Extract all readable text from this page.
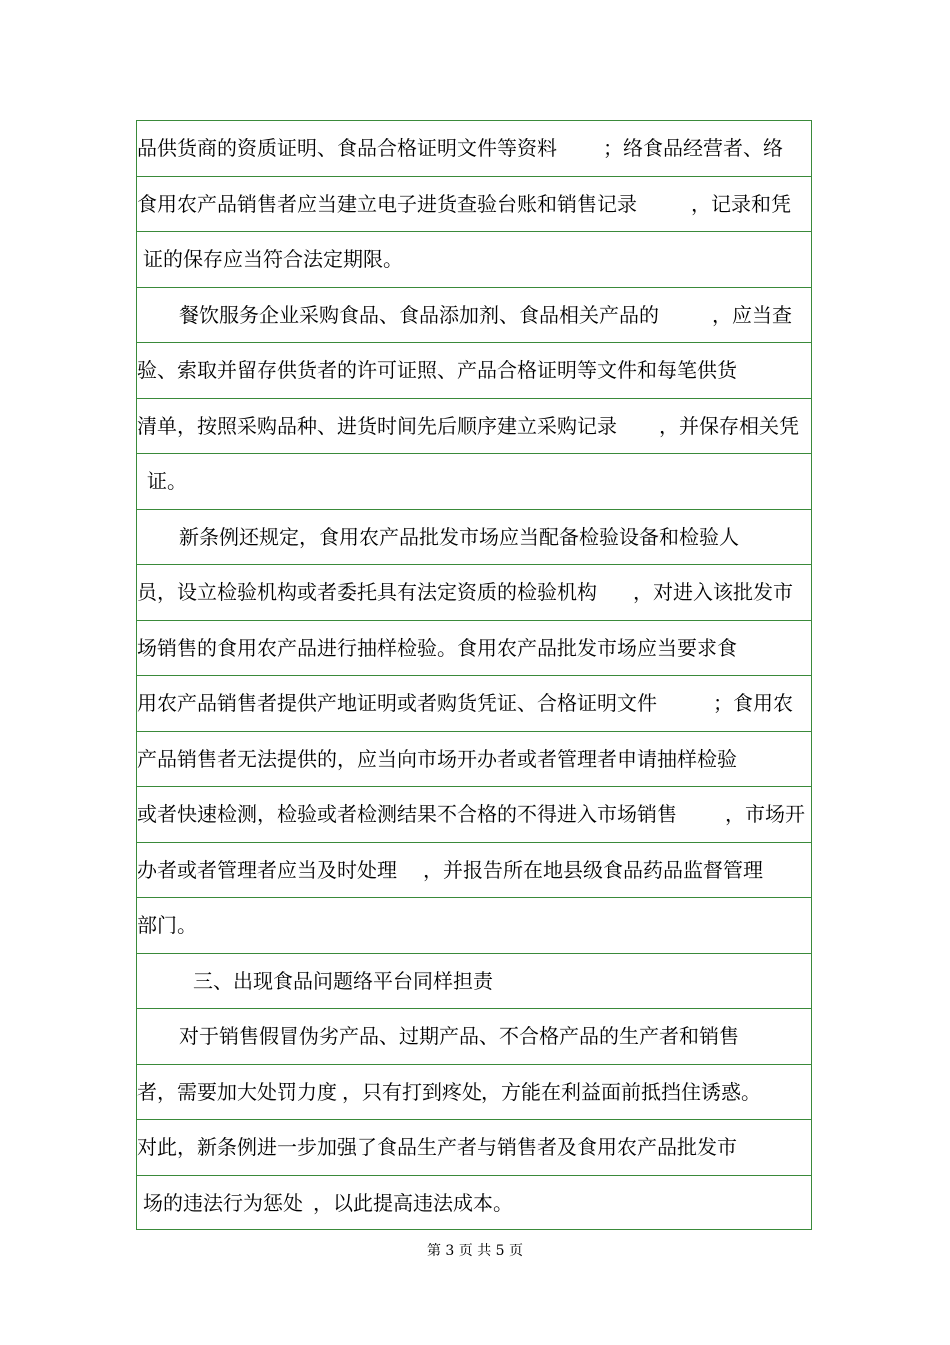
品供货商的资质证明、食品合格证明文件等资料 ；络食品经营者、络
食用农产品销售者应当建立电子进货查验台账和销售记录	，记录和凭
证的保存应当符合法定期限。
餐饮服务企业采购食品、食品添加剂、食品相关产品的	，应当查
验、索取并留存供货者的许可证照、产品合格证明等文件和每笔供货
清单，按照采购品种、进货时间先后顺序建立采购记录 ，并保存相关凭
证。
新条例还规定，食用农产品批发市场应当配备检验设备和检验人
员，设立检验机构或者委托具有法定资质的检验机构 ，对进入该批发市
场销售的食用农产品进行抽样检验。食用农产品批发市场应当要求食
用农产品销售者提供产地证明或者购货凭证、合格证明文件	；食用农
产品销售者无法提供的，应当向市场开办者或者管理者申请抽样检验
或者快速检测，检验或者检测结果不合格的不得进入市场销售 ，市场开
办者或者管理者应当及时处理 ，并报告所在地县级食品药品监督管理
部门。
三、出现食品问题络平台同样担责
对于销售假冒伪劣产品、过期产品、不合格产品的生产者和销售
者，需要加大处罚力度 ，只有打到疼处 ，方能在利益面前抵挡住诱惑。
对此，新条例进一步加强了食品生产者与销售者及食用农产品批发市
场的违法行为惩处 ，以此提高违法成本。
第 3 页 共 5 页
